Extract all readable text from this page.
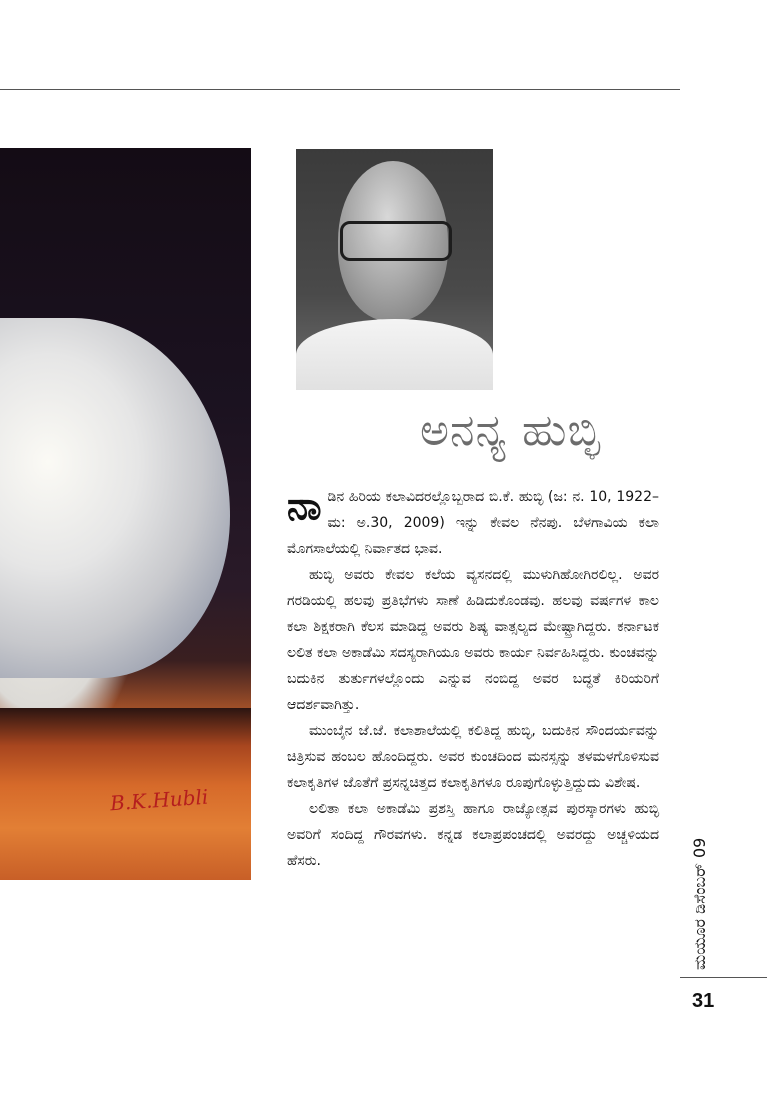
B.K.Hubli
ಅನನ್ಯ ಹುಬ್ಳಿ

ನಾಡಿನ ಹಿರಿಯ ಕಲಾವಿದರಲ್ಲೊಬ್ಬರಾದ ಬಿ.ಕೆ. ಹುಬ್ಳಿ (ಜ: ನ. 10, 1922– ಮ: ಅ.30, 2009) ಇನ್ನು ಕೇವಲ ನೆನಪು. ಬೆಳಗಾವಿಯ ಕಲಾ ಮೊಗಸಾಲೆಯಲ್ಲಿ ನಿರ್ವಾತದ ಭಾವ.

ಹುಬ್ಳಿ ಅವರು ಕೇವಲ ಕಲೆಯ ವ್ಯಸನದಲ್ಲಿ ಮುಳುಗಿಹೋಗಿರಲಿಲ್ಲ. ಅವರ ಗರಡಿಯಲ್ಲಿ ಹಲವು ಪ್ರತಿಭೆಗಳು ಸಾಣೆ ಹಿಡಿದುಕೊಂಡವು. ಹಲವು ವರ್ಷಗಳ ಕಾಲ ಕಲಾ ಶಿಕ್ಷಕರಾಗಿ ಕೆಲಸ ಮಾಡಿದ್ದ ಅವರು ಶಿಷ್ಯ ವಾತ್ಸಲ್ಯದ ಮೇಷ್ಟ್ರಾಗಿದ್ದರು. ಕರ್ನಾಟಕ ಲಲಿತ ಕಲಾ ಅಕಾಡೆಮಿ ಸದಸ್ಯರಾಗಿಯೂ ಅವರು ಕಾರ್ಯ ನಿರ್ವಹಿಸಿದ್ದರು. ಕುಂಚವನ್ನು ಬದುಕಿನ ತುರ್ತುಗಳಲ್ಲೊಂದು ಎನ್ನುವ ನಂಬಿದ್ದ ಅವರ ಬದ್ಧತೆ ಕಿರಿಯರಿಗೆ ಆದರ್ಶವಾಗಿತ್ತು.

ಮುಂಬೈನ ಜೆ.ಜೆ. ಕಲಾಶಾಲೆಯಲ್ಲಿ ಕಲಿತಿದ್ದ ಹುಬ್ಳಿ, ಬದುಕಿನ ಸೌಂದರ್ಯವನ್ನು ಚಿತ್ರಿಸುವ ಹಂಬಲ ಹೊಂದಿದ್ದರು. ಅವರ ಕುಂಚದಿಂದ ಮನಸ್ಸನ್ನು ತಳಮಳಗೊಳಿಸುವ ಕಲಾಕೃತಿಗಳ ಜೊತೆಗೆ ಪ್ರಸನ್ನಚಿತ್ತದ ಕಲಾಕೃತಿಗಳೂ ರೂಪುಗೊಳ್ಳುತ್ತಿದ್ದುದು ವಿಶೇಷ.

ಲಲಿತಾ ಕಲಾ ಅಕಾಡೆಮಿ ಪ್ರಶಸ್ತಿ ಹಾಗೂ ರಾಜ್ಯೋತ್ಸವ ಪುರಸ್ಕಾರಗಳು ಹುಬ್ಳಿ ಅವರಿಗೆ ಸಂದಿದ್ದ ಗೌರವಗಳು. ಕನ್ನಡ ಕಲಾಪ್ರಪಂಚದಲ್ಲಿ ಅವರದ್ದು ಅಚ್ಚಳಿಯದ ಹೆಸರು.	ಮಯೂರ ಡಿಸೆಂಬರ್ 09
31
